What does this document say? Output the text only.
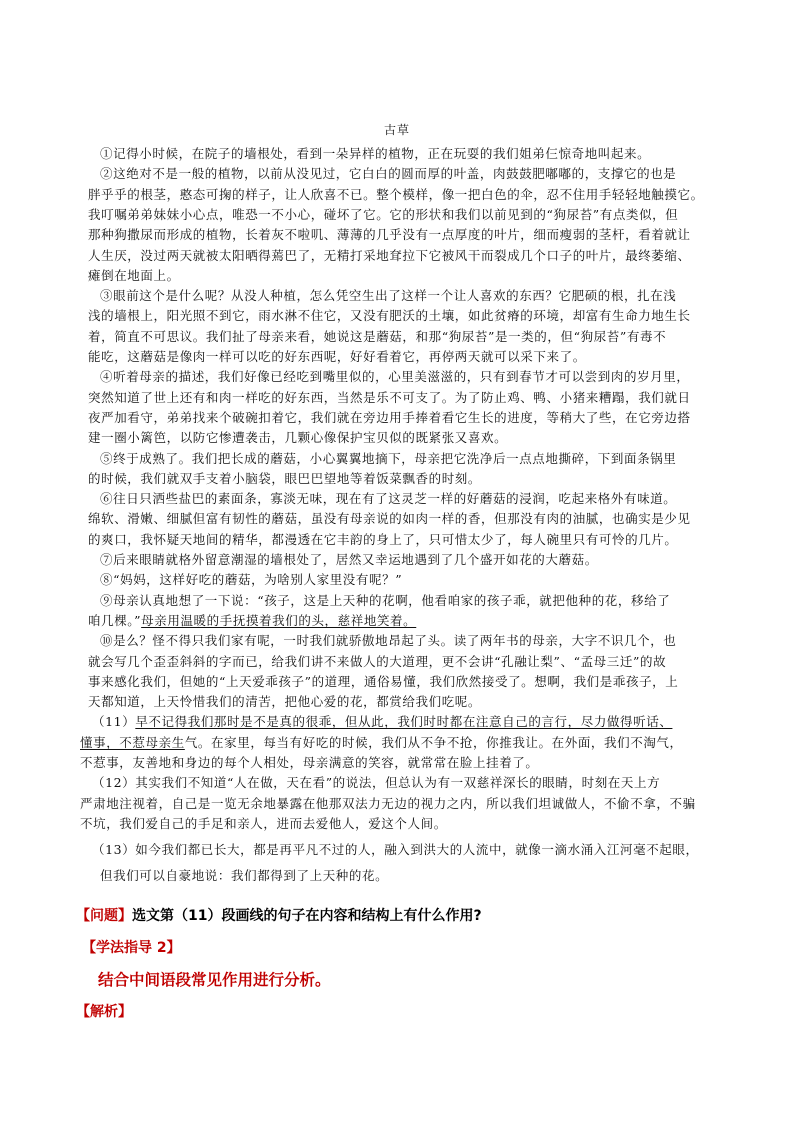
古草
①记得小时候，在院子的墙根处，看到一朵异样的植物，正在玩耍的我们姐弟仨惊奇地叫起来。
②这绝对不是一般的植物，以前从没见过，它白白的圆而厚的叶盖，肉鼓鼓肥嘟嘟的，支撑它的也是
胖乎乎的根茎，憨态可掬的样子，让人欣喜不已。整个模样，像一把白色的伞，忍不住用手轻轻地触摸它。
我叮嘱弟弟妹妹小心点，唯恐一不小心，碰坏了它。它的形状和我们以前见到的“狗尿苔”有点类似，但
那种狗撒尿而形成的植物，长着灰不啦叽、薄薄的几乎没有一点厚度的叶片，细而瘦弱的茎杆，看着就让
人生厌，没过两天就被太阳晒得蔫巴了，无精打采地耷拉下它被风干而裂成几个口子的叶片，最终萎缩、
瘫倒在地面上。
③眼前这个是什么呢？从没人种植，怎么凭空生出了这样一个让人喜欢的东西？它肥硕的根，扎在浅
浅的墙根上，阳光照不到它，雨水淋不住它，又没有肥沃的土壤，如此贫瘠的环境，却富有生命力地生长
着，简直不可思议。我们扯了母亲来看，她说这是蘑菇，和那“狗尿苔”是一类的，但“狗尿苔”有毒不
能吃，这蘑菇是像肉一样可以吃的好东西呢，好好看着它，再停两天就可以采下来了。
④听着母亲的描述，我们好像已经吃到嘴里似的，心里美滋滋的，只有到春节才可以尝到肉的岁月里，
突然知道了世上还有和肉一样吃的好东西，当然是乐不可支了。为了防止鸡、鸭、小猪来糟蹋，我们就日
夜严加看守，弟弟找来个破碗扣着它，我们就在旁边用手捧着看它生长的进度，等稍大了些，在它旁边搭
建一圈小篱笆，以防它惨遭袭击，几颗心像保护宝贝似的既紧张又喜欢。
⑤终于成熟了。我们把长成的蘑菇，小心翼翼地摘下，母亲把它洗净后一点点地撕碎，下到面条锅里
的时候，我们就双手支着小脑袋，眼巴巴望地等着饭菜飘香的时刻。
⑥往日只洒些盐巴的素面条，寡淡无味，现在有了这灵芝一样的好蘑菇的浸润，吃起来格外有味道。
绵软、滑嫩、细腻但富有韧性的蘑菇，虽没有母亲说的如肉一样的香，但那没有肉的油腻，也确实是少见
的爽口，我怀疑天地间的精华，都漫透在它丰韵的身上了，只可惜太少了，每人碗里只有可怜的几片。
⑦后来眼睛就格外留意潮湿的墙根处了，居然又幸运地遇到了几个盛开如花的大蘑菇。
⑧“妈妈，这样好吃的蘑菇，为啥别人家里没有呢？”
⑨母亲认真地想了一下说：“孩子，这是上天种的花啊，他看咱家的孩子乖，就把他种的花，移给了
咱几棵。”母亲用温暖的手抚摸着我们的头，慈祥地笑着。
⑩是么？怪不得只我们家有呢，一时我们就骄傲地昂起了头。读了两年书的母亲，大字不识几个，也
就会写几个歪歪斜斜的字而已，给我们讲不来做人的大道理，更不会讲“孔融让梨”、“孟母三迁”的故
事来感化我们，但她的“上天爱乖孩子”的道理，通俗易懂，我们欣然接受了。想啊，我们是乖孩子，上
天都知道，上天怜惜我们的清苦，把他心爱的花，都赏给我们吃呢。
（11）早不记得我们那时是不是真的很乖，但从此，我们时时都在注意自己的言行，尽力做得听话、
懂事，不惹母亲生气。在家里，每当有好吃的时候，我们从不争不抢，你推我让。在外面，我们不淘气，
不惹事，友善地和身边的每个人相处，母亲满意的笑容，就常常在脸上挂着了。
（12）其实我们不知道“人在做，天在看”的说法，但总认为有一双慈祥深长的眼睛，时刻在天上方
严肃地注视着，自己是一览无余地暴露在他那双法力无边的视力之内，所以我们坦诚做人，不偷不拿，不骗
不坑，我们爱自己的手足和亲人，进而去爱他人，爱这个人间。
（13）如今我们都已长大，都是再平凡不过的人，融入到洪大的人流中，就像一滴水涌入江河毫不起眼，
但我们可以自豪地说：我们都得到了上天种的花。
【问题】选文第（11）段画线的句子在内容和结构上有什么作用?
【学法指导 2】
结合中间语段常见作用进行分析。
【解析】
